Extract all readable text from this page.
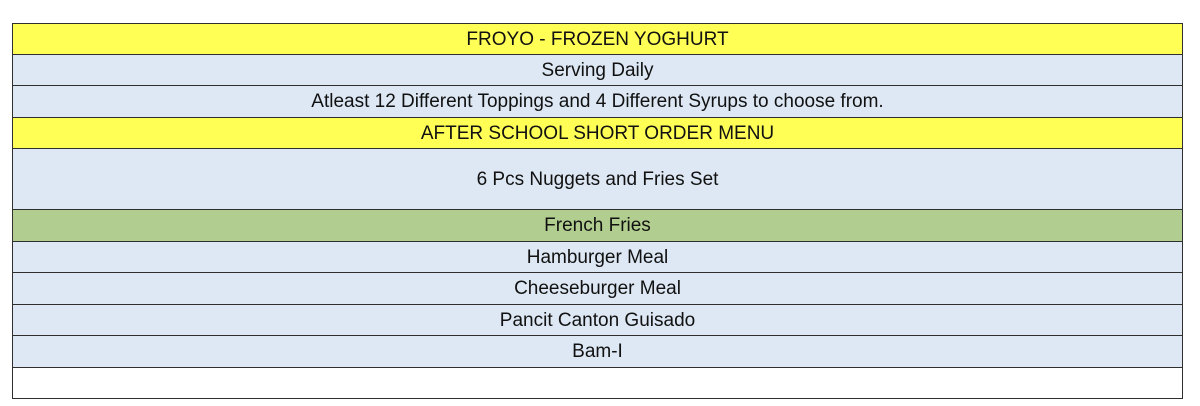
FROYO - FROZEN YOGHURT
Serving Daily
Atleast 12 Different Toppings and 4 Different Syrups to choose from.
AFTER SCHOOL SHORT ORDER MENU
6 Pcs Nuggets and Fries Set
French Fries
Hamburger Meal
Cheeseburger Meal
Pancit Canton Guisado
Bam-I
